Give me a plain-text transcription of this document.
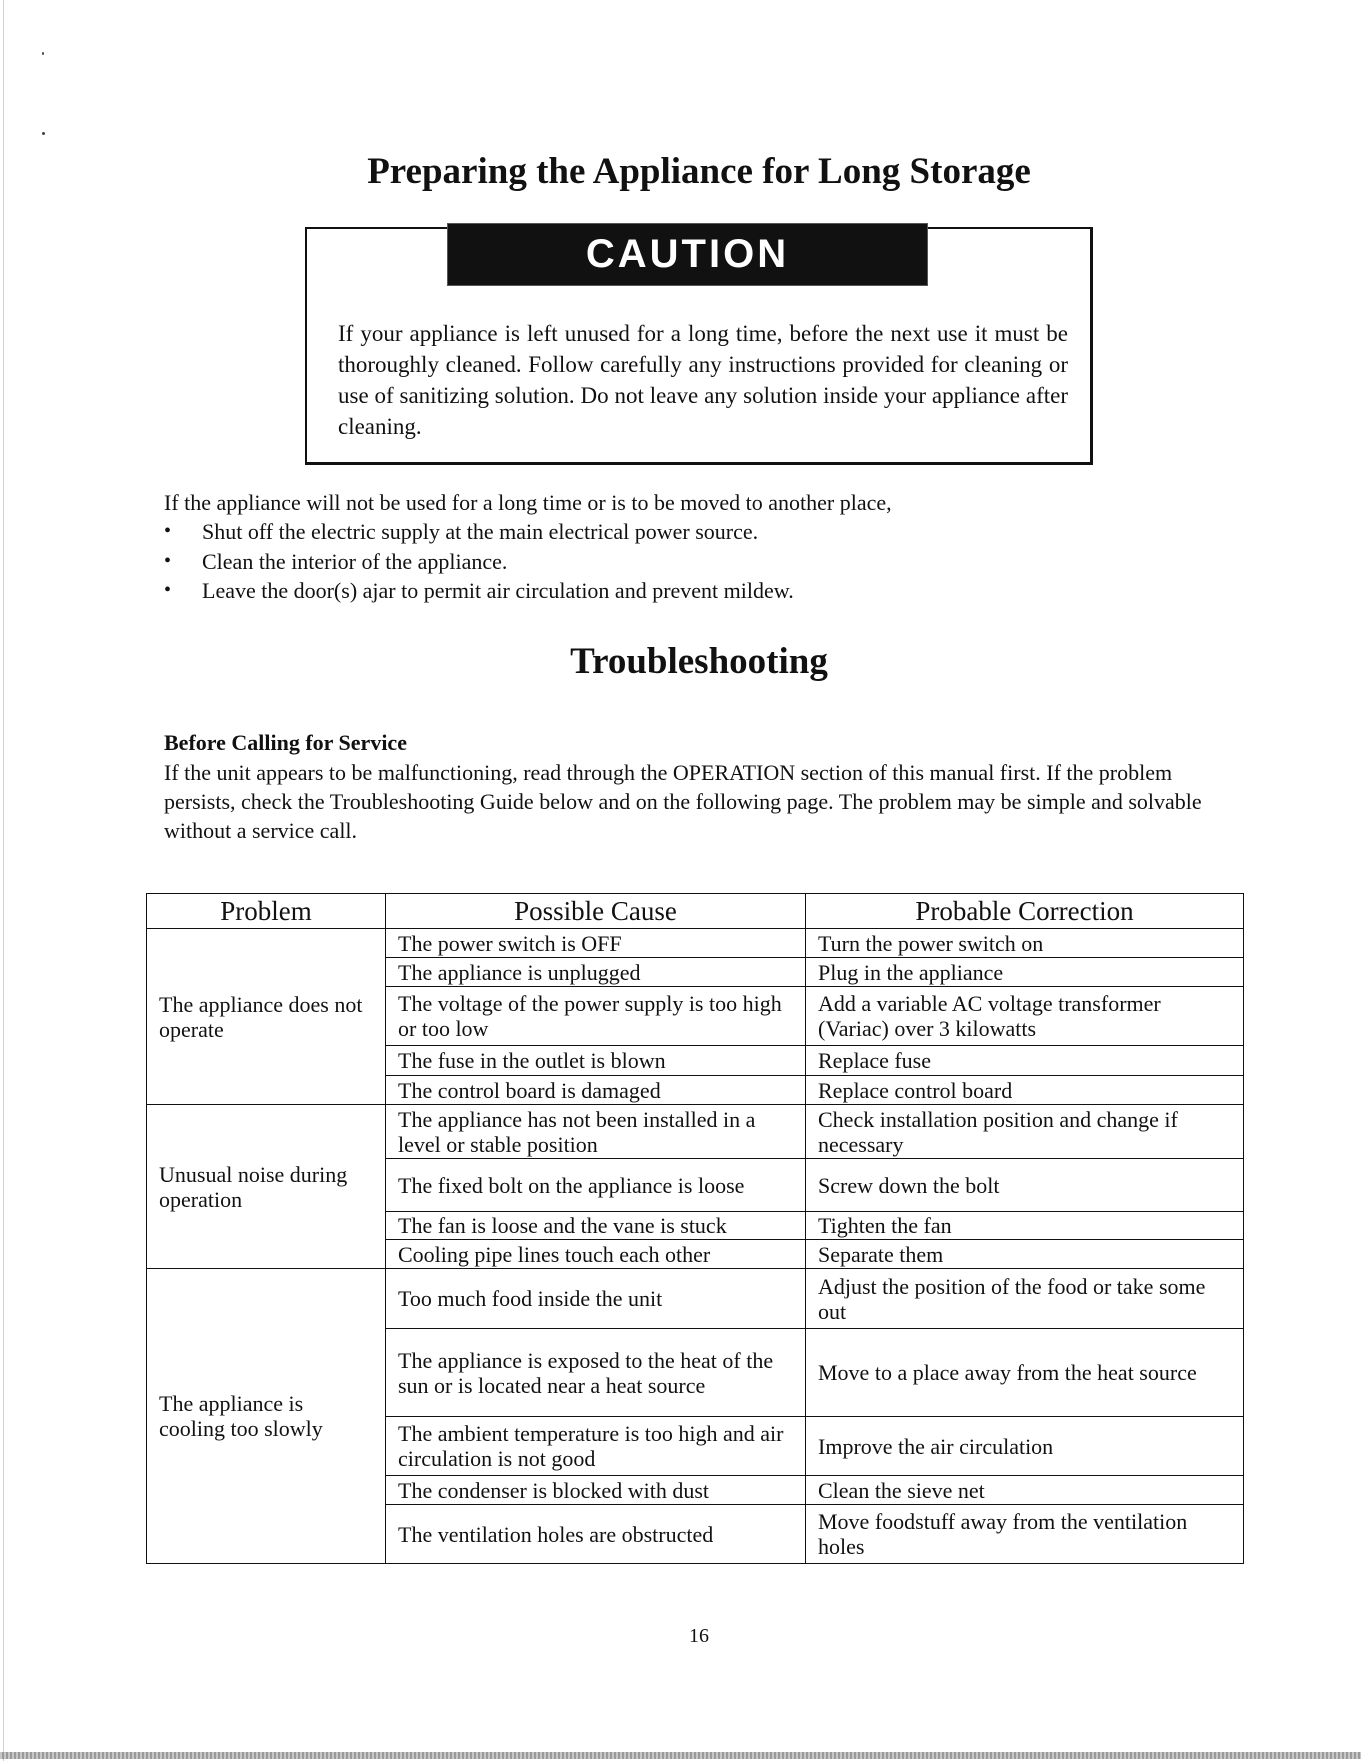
Preparing the Appliance for Long Storage
CAUTION

If your appliance is left unused for a long time, before the next use it must be thoroughly cleaned. Follow carefully any instructions provided for cleaning or use of sanitizing solution. Do not leave any solution inside your appliance after cleaning.

If the appliance will not be used for a long time or is to be moved to another place,

• Shut off the electric supply at the main electrical power source.
• Clean the interior of the appliance.
• Leave the door(s) ajar to permit air circulation and prevent mildew.
Troubleshooting

Before Calling for Service

If the unit appears to be malfunctioning, read through the OPERATION section of this manual first. If the problem persists, check the Troubleshooting Guide below and on the following page. The problem may be simple and solvable without a service call.

Problem	Possible Cause	Probable Correction
The appliance does not operate	The power switch is OFF	Turn the power switch on
	The appliance is unplugged	Plug in the appliance
	The voltage of the power supply is too high or too low	Add a variable AC voltage transformer (Variac) over 3 kilowatts
	The fuse in the outlet is blown	Replace fuse
	The control board is damaged	Replace control board
Unusual noise during operation	The appliance has not been installed in a level or stable position	Check installation position and change if necessary
	The fixed bolt on the appliance is loose	Screw down the bolt
	The fan is loose and the vane is stuck	Tighten the fan
	Cooling pipe lines touch each other	Separate them
The appliance is cooling too slowly	Too much food inside the unit	Adjust the position of the food or take some out
	The appliance is exposed to the heat of the sun or is located near a heat source	Move to a place away from the heat source
	The ambient temperature is too high and air circulation is not good	Improve the air circulation
	The condenser is blocked with dust	Clean the sieve net
	The ventilation holes are obstructed	Move foodstuff away from the ventilation holes

16
